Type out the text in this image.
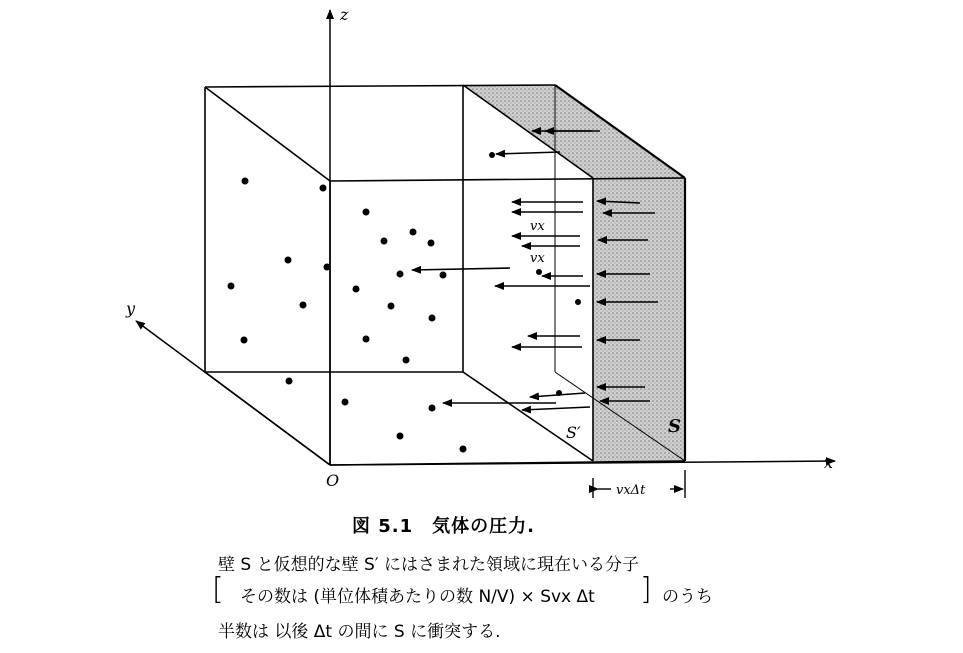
z
y
x
O
S
S′
vx
vx
vxΔt
図 5.1　気体の圧力.
壁 S と仮想的な壁 S′ にはさまれた領域に現在いる分子
[ その数は (単位体積あたりの数 N/V) × Svx Δt ] のうち
半数は 以後 Δt の間に S に衝突する.
